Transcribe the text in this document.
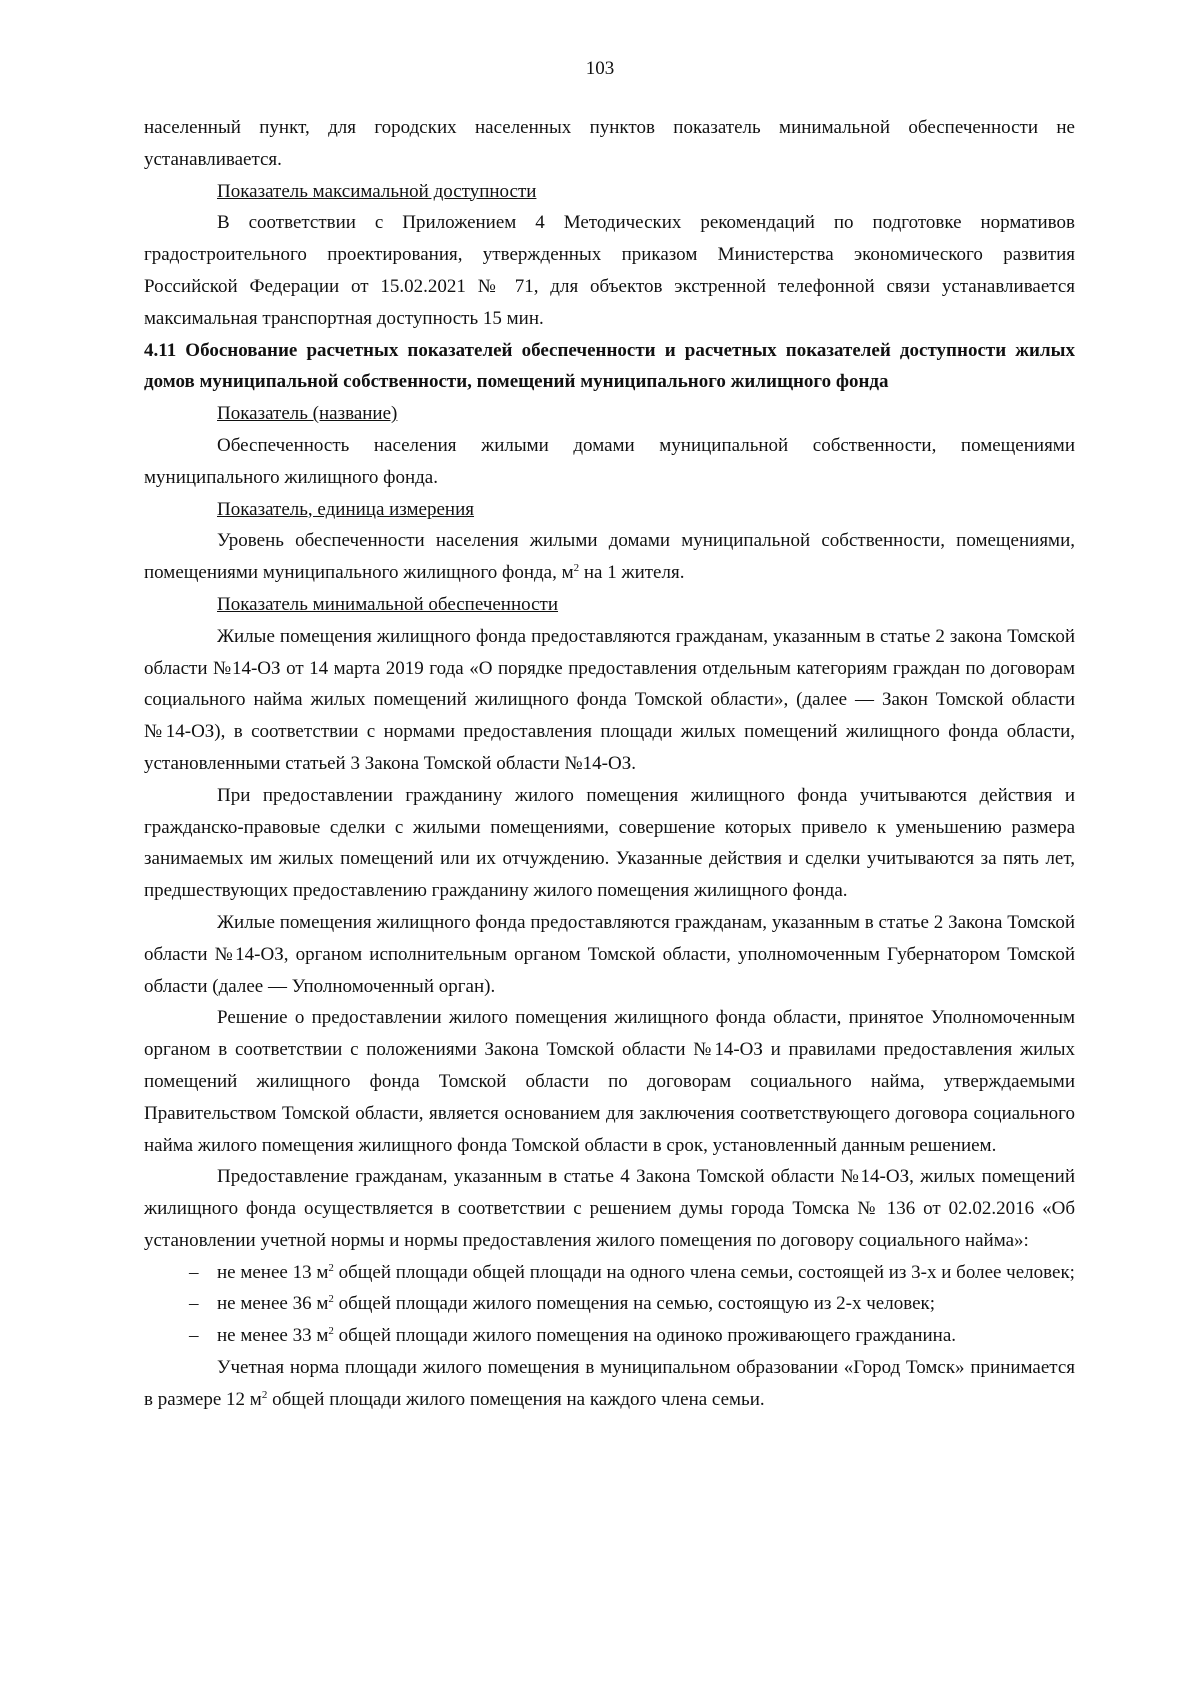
103

населенный пункт, для городских населенных пунктов показатель минимальной обеспеченности не устанавливается.

Показатель максимальной доступности

В соответствии с Приложением 4 Методических рекомендаций по подготовке нормативов градостроительного проектирования, утвержденных приказом Министерства экономического развития Российской Федерации от 15.02.2021 № 71, для объектов экстренной телефонной связи устанавливается максимальная транспортная доступность 15 мин.

4.11 Обоснование расчетных показателей обеспеченности и расчетных показателей доступности жилых домов муниципальной собственности, помещений муниципального жилищного фонда

Показатель (название)

Обеспеченность населения жилыми домами муниципальной собственности, помещениями муниципального жилищного фонда.

Показатель, единица измерения

Уровень обеспеченности населения жилыми домами муниципальной собственности, помещениями, помещениями муниципального жилищного фонда, $м^2$ на 1 жителя.

Показатель минимальной обеспеченности

Жилые помещения жилищного фонда предоставляются гражданам, указанным в статье 2 закона Томской области №14-ОЗ от 14 марта 2019 года «О порядке предоставления отдельным категориям граждан по договорам социального найма жилых помещений жилищного фонда Томской области», (далее — Закон Томской области №14-ОЗ), в соответствии с нормами предоставления площади жилых помещений жилищного фонда области, установленными статьей 3 Закона Томской области №14-ОЗ.

При предоставлении гражданину жилого помещения жилищного фонда учитываются действия и гражданско-правовые сделки с жилыми помещениями, совершение которых привело к уменьшению размера занимаемых им жилых помещений или их отчуждению. Указанные действия и сделки учитываются за пять лет, предшествующих предоставлению гражданину жилого помещения жилищного фонда.

Жилые помещения жилищного фонда предоставляются гражданам, указанным в статье 2 Закона Томской области №14-ОЗ, органом исполнительным органом Томской области, уполномоченным Губернатором Томской области (далее — Уполномоченный орган).

Решение о предоставлении жилого помещения жилищного фонда области, принятое Уполномоченным органом в соответствии с положениями Закона Томской области №14-ОЗ и правилами предоставления жилых помещений жилищного фонда Томской области по договорам социального найма, утверждаемыми Правительством Томской области, является основанием для заключения соответствующего договора социального найма жилого помещения жилищного фонда Томской области в срок, установленный данным решением.

Предоставление гражданам, указанным в статье 4 Закона Томской области №14-ОЗ, жилых помещений жилищного фонда осуществляется в соответствии с решением думы города Томска № 136 от 02.02.2016 «Об установлении учетной нормы и нормы предоставления жилого помещения по договору социального найма»:

– не менее 13 $м^2$ общей площади общей площади на одного члена семьи, состоящей из 3-х и более человек;

– не менее 36 $м^2$ общей площади жилого помещения на семью, состоящую из 2-х человек;

– не менее 33 $м^2$ общей площади жилого помещения на одиноко проживающего гражданина.

Учетная норма площади жилого помещения в муниципальном образовании «Город Томск» принимается в размере 12 $м^2$ общей площади жилого помещения на каждого члена семьи.
